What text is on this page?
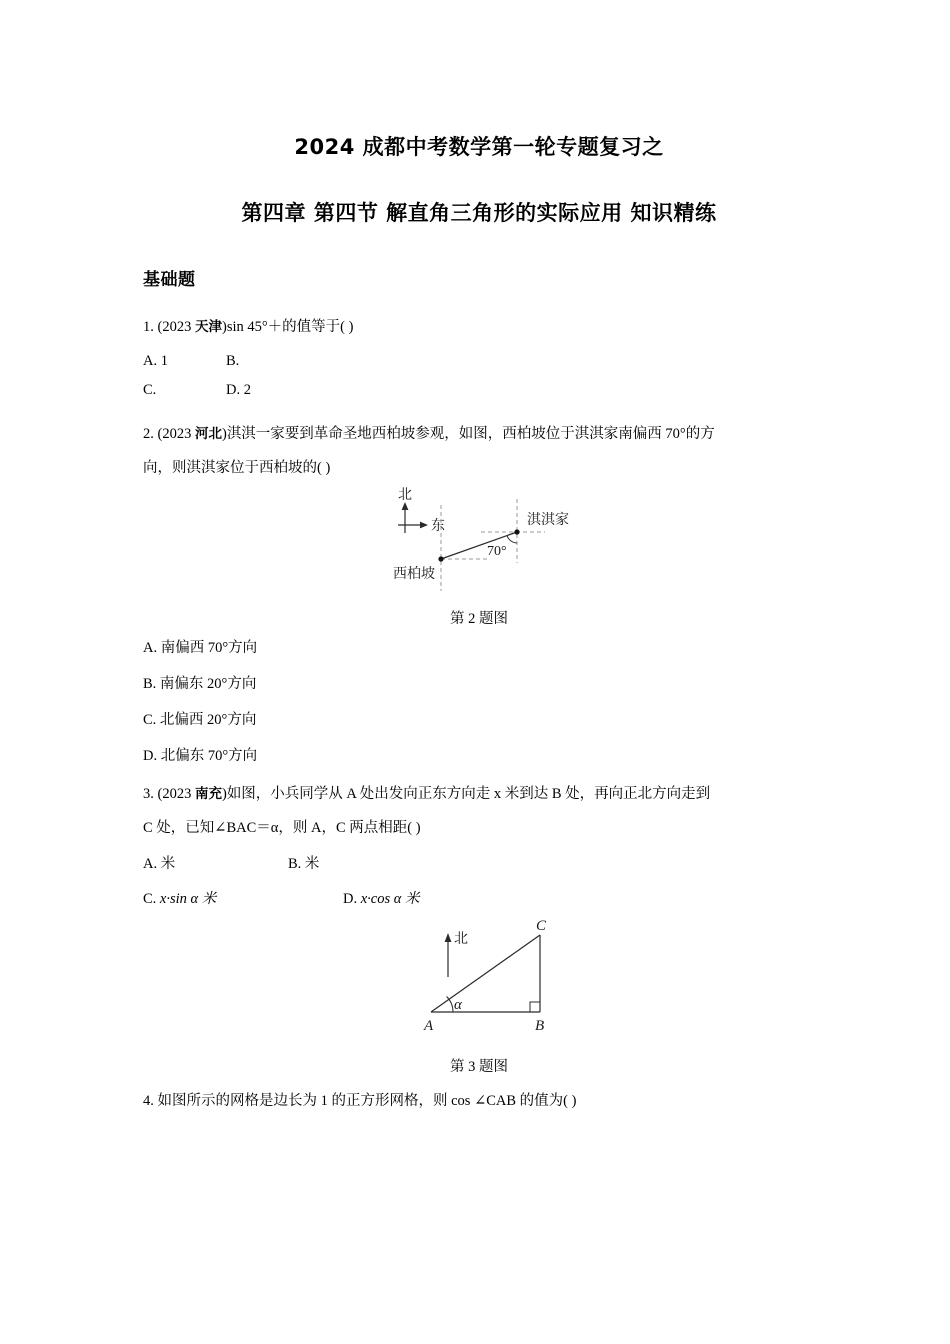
2024 成都中考数学第一轮专题复习之
第四章 第四节 解直角三角形的实际应用 知识精练
基础题
1. (2023 天津)sin 45°＋的值等于( )
A. 1	B.
C.	D. 2
2. (2023 河北)淇淇一家要到革命圣地西柏坡参观，如图，西柏坡位于淇淇家南偏西 70°的方
向，则淇淇家位于西柏坡的( )
北
东
西柏坡
淇淇家
70°
第 2 题图
A. 南偏西 70°方向
B. 南偏东 20°方向
C. 北偏西 20°方向
D. 北偏东 70°方向
3. (2023 南充)如图，小兵同学从 A 处出发向正东方向走 x 米到达 B 处，再向正北方向走到
C 处，已知∠BAC＝α，则 A，C 两点相距( )
A. 米	B. 米
C. x·sin α 米	D. x·cos α 米
北
A	B
C
α
第 3 题图
4. 如图所示的网格是边长为 1 的正方形网格，则 cos ∠CAB 的值为( )
